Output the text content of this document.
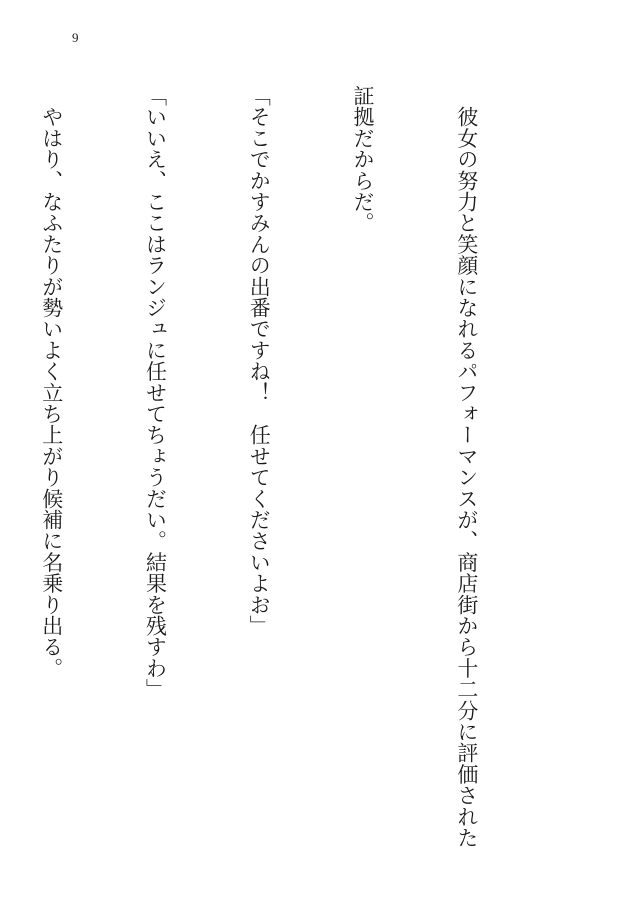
9

　彼女の努力と笑顔になれるパフォーマンスが、商店街から十二分に評価された

証拠だからだ。

「そこでかすみんの出番ですね！　任せてくださいよお」

「いいえ、ここはランジュに任せてちょうだい。結果を残すわ」

　やはり、なふたりが勢いよく立ち上がり候補に名乗り出る。
